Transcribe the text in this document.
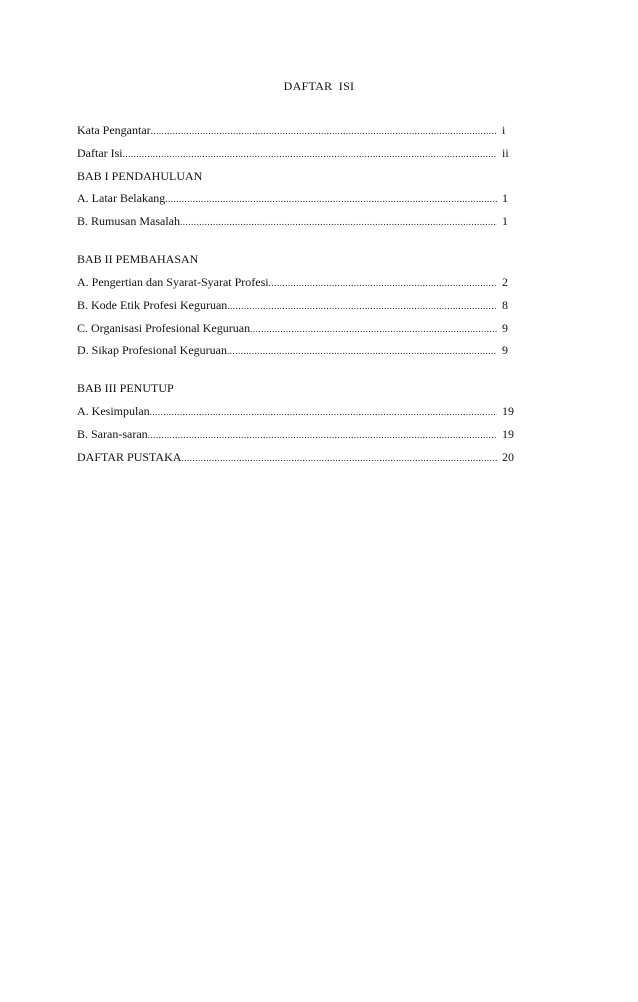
DAFTAR ISI
Kata Pengantar .....	i
Daftar Isi .....	ii
BAB I PENDAHULUAN
A. Latar Belakang .....	1
B. Rumusan Masalah .....	1
BAB II PEMBAHASAN
A. Pengertian dan Syarat-Syarat Profesi .....	2
B. Kode Etik Profesi Keguruan .....	8
C. Organisasi Profesional Keguruan .....	9
D. Sikap Profesional Keguruan .....	9
BAB III PENUTUP
A. Kesimpulan .....	19
B. Saran-saran .....	19
DAFTAR PUSTAKA .....	20
